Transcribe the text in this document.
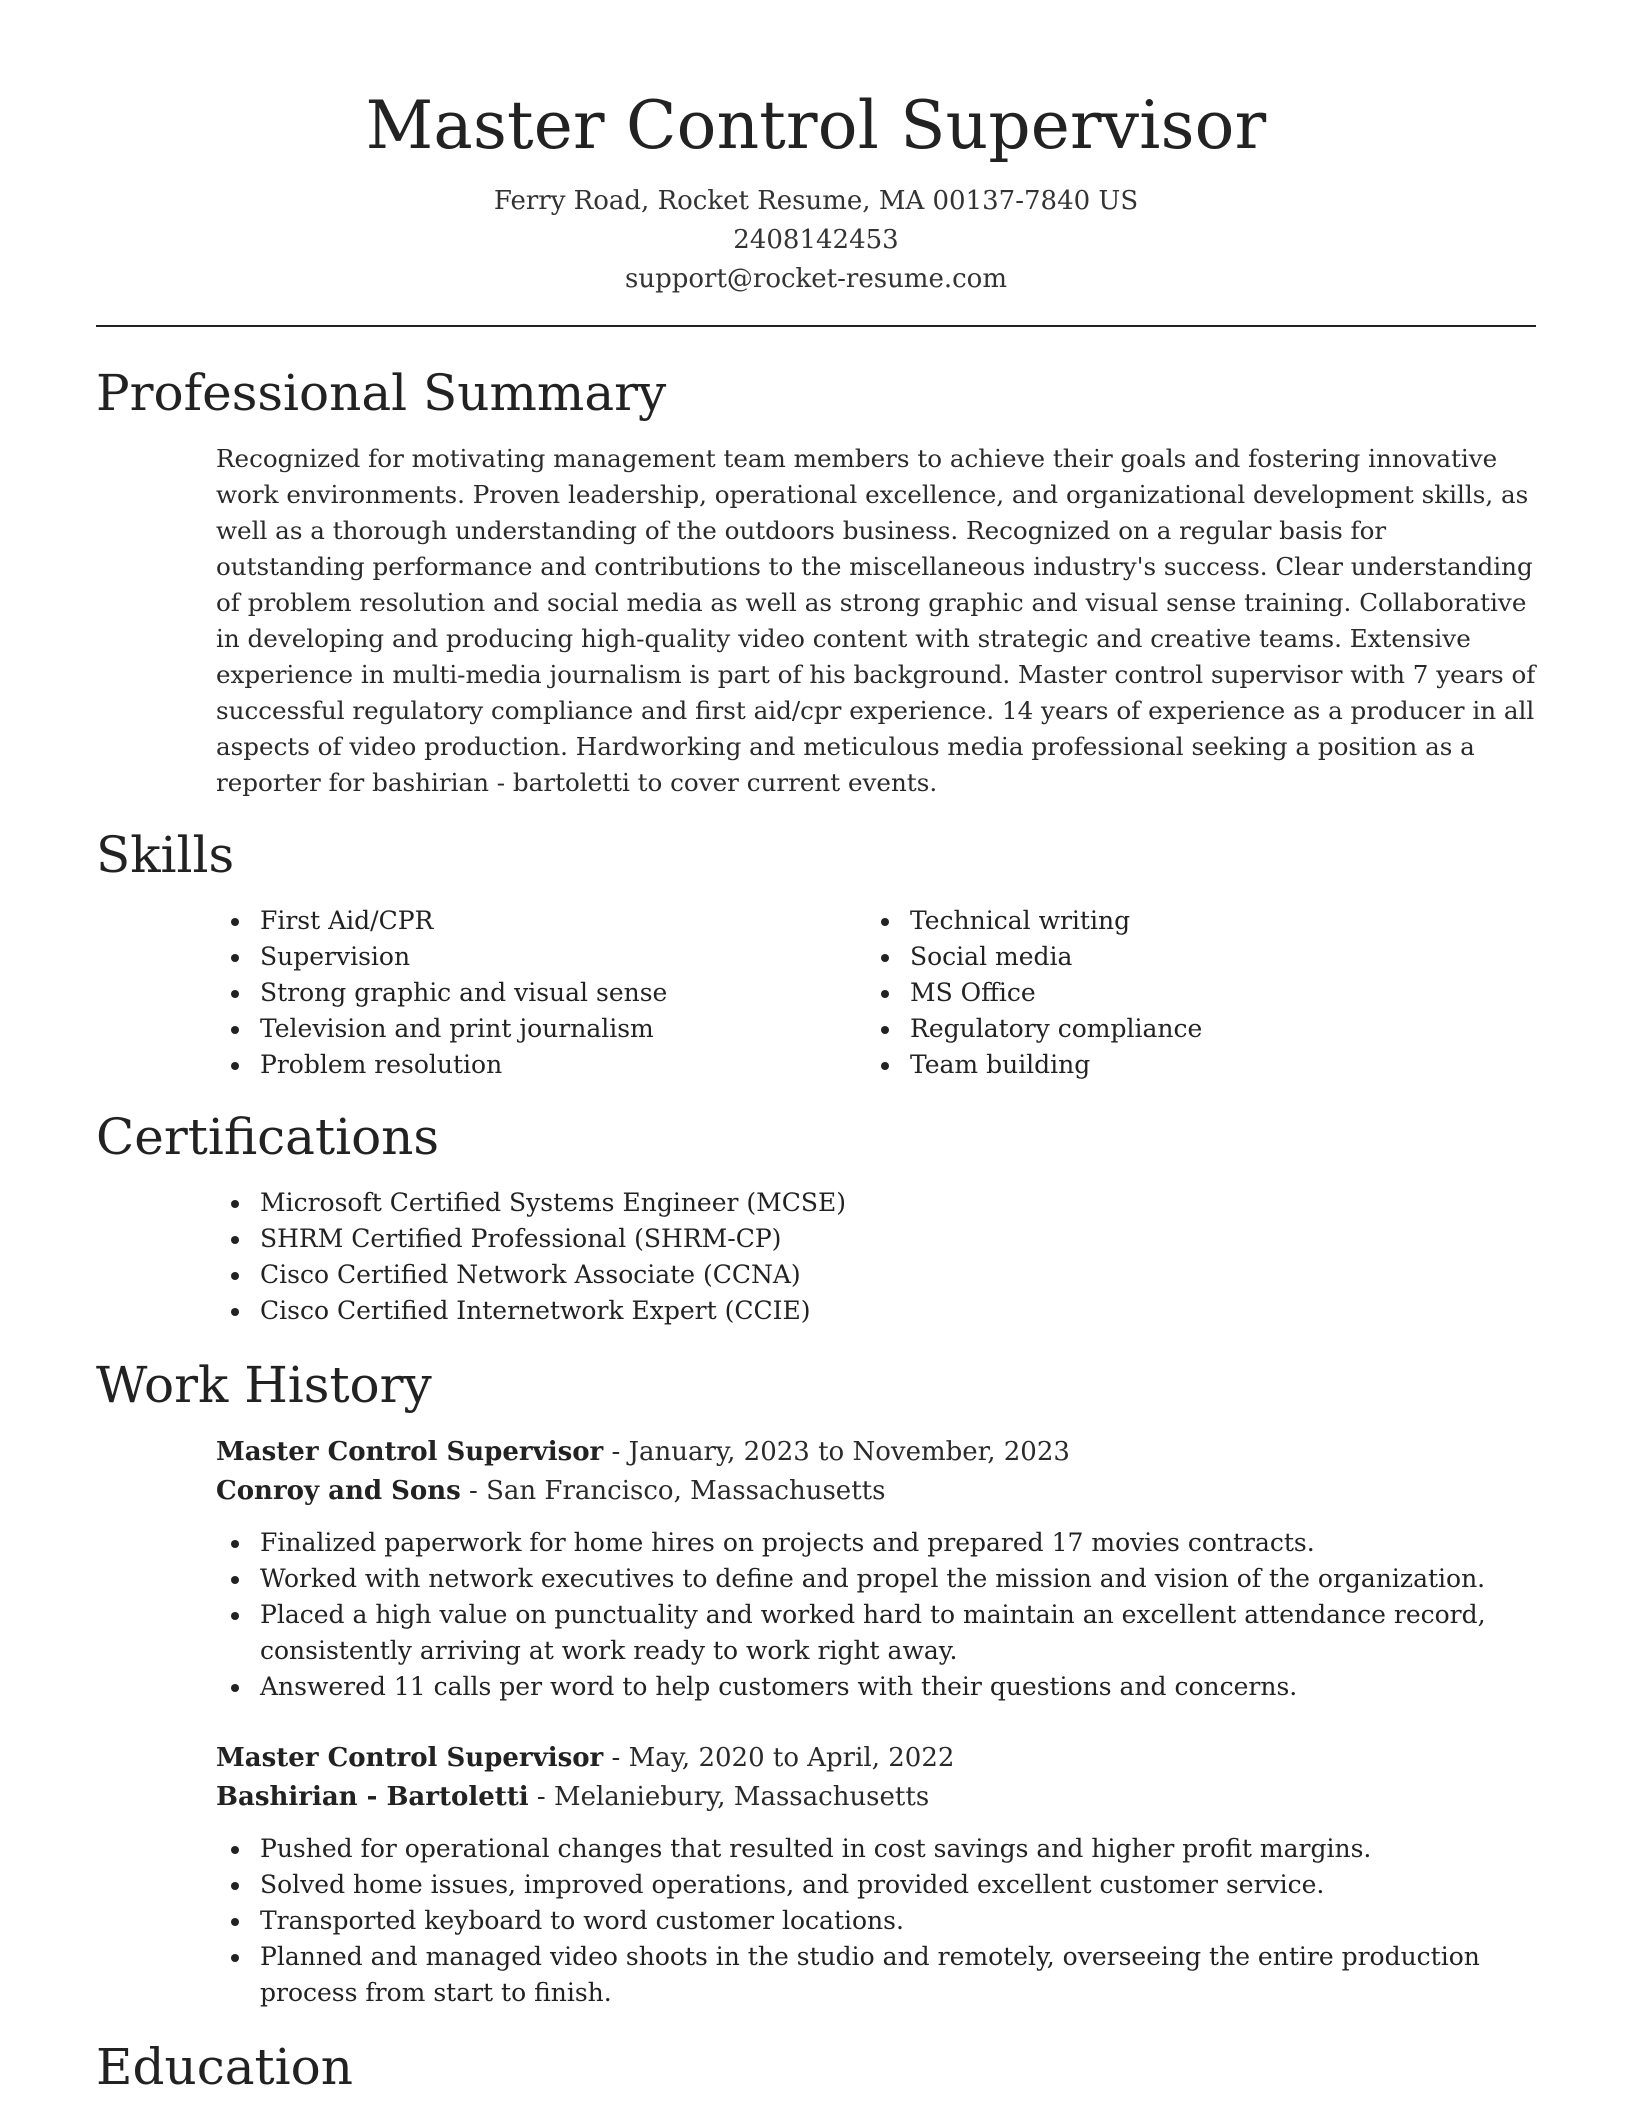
Master Control Supervisor
Ferry Road, Rocket Resume, MA 00137-7840 US
2408142453
support@rocket-resume.com
Professional Summary

Recognized for motivating management team members to achieve their goals and fostering innovative work environments. Proven leadership, operational excellence, and organizational development skills, as well as a thorough understanding of the outdoors business. Recognized on a regular basis for outstanding performance and contributions to the miscellaneous industry's success. Clear understanding of problem resolution and social media as well as strong graphic and visual sense training. Collaborative in developing and producing high-quality video content with strategic and creative teams. Extensive experience in multi-media journalism is part of his background. Master control supervisor with 7 years of successful regulatory compliance and first aid/cpr experience. 14 years of experience as a producer in all aspects of video production. Hardworking and meticulous media professional seeking a position as a reporter for bashirian - bartoletti to cover current events.

Skills
First Aid/CPR
Supervision
Strong graphic and visual sense
Television and print journalism
Problem resolution
Technical writing
Social media
MS Office
Regulatory compliance
Team building
Certifications
Microsoft Certified Systems Engineer (MCSE)
SHRM Certified Professional (SHRM-CP)
Cisco Certified Network Associate (CCNA)
Cisco Certified Internetwork Expert (CCIE)
Work History
Master Control Supervisor - January, 2023 to November, 2023
Conroy and Sons - San Francisco, Massachusetts
Finalized paperwork for home hires on projects and prepared 17 movies contracts.
Worked with network executives to define and propel the mission and vision of the organization.
Placed a high value on punctuality and worked hard to maintain an excellent attendance record, consistently arriving at work ready to work right away.
Answered 11 calls per word to help customers with their questions and concerns.
Master Control Supervisor - May, 2020 to April, 2022
Bashirian - Bartoletti - Melaniebury, Massachusetts
Pushed for operational changes that resulted in cost savings and higher profit margins.
Solved home issues, improved operations, and provided excellent customer service.
Transported keyboard to word customer locations.
Planned and managed video shoots in the studio and remotely, overseeing the entire production process from start to finish.
Education
